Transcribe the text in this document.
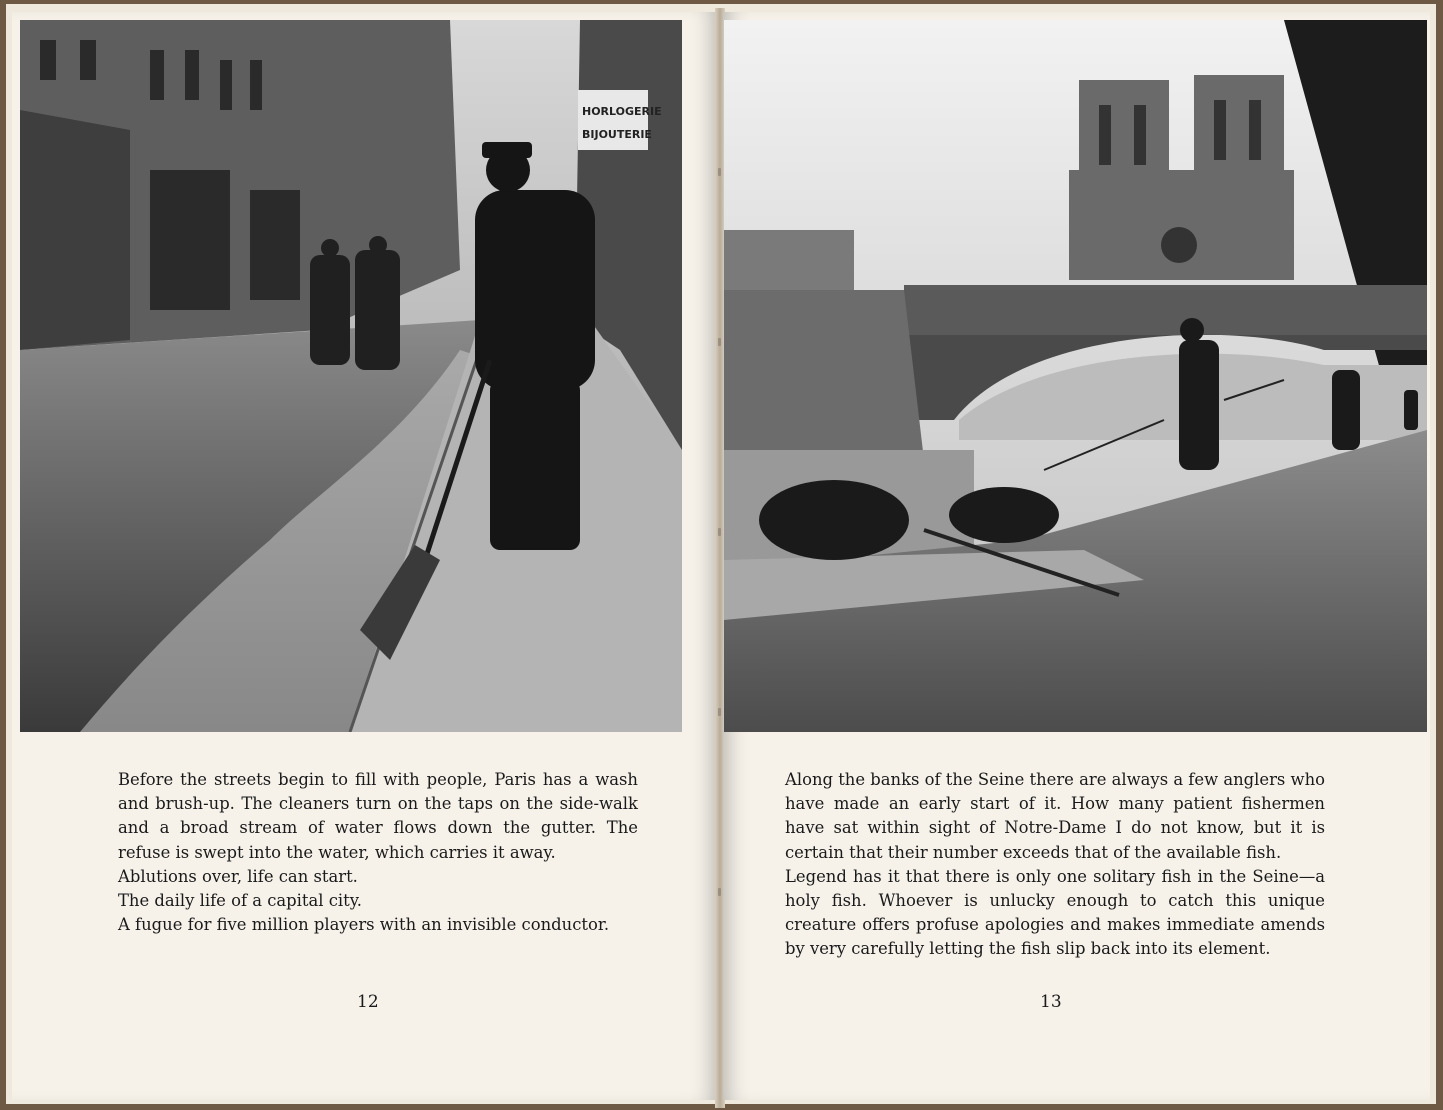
HORLOGERIE
BIJOUTERIE

Before the streets begin to fill with people, Paris has a wash and brush-up. The cleaners turn on the taps on the side-walk and a broad stream of water flows down the gutter. The refuse is swept into the water, which carries it away.

Ablutions over, life can start.

The daily life of a capital city.

A fugue for five million players with an invisible conductor.

12

Along the banks of the Seine there are always a few anglers who have made an early start of it. How many patient fishermen have sat within sight of Notre-Dame I do not know, but it is certain that their number exceeds that of the available fish.

Legend has it that there is only one solitary fish in the Seine—a holy fish. Whoever is unlucky enough to catch this unique creature offers profuse apologies and makes immediate amends by very carefully letting the fish slip back into its element.

13
